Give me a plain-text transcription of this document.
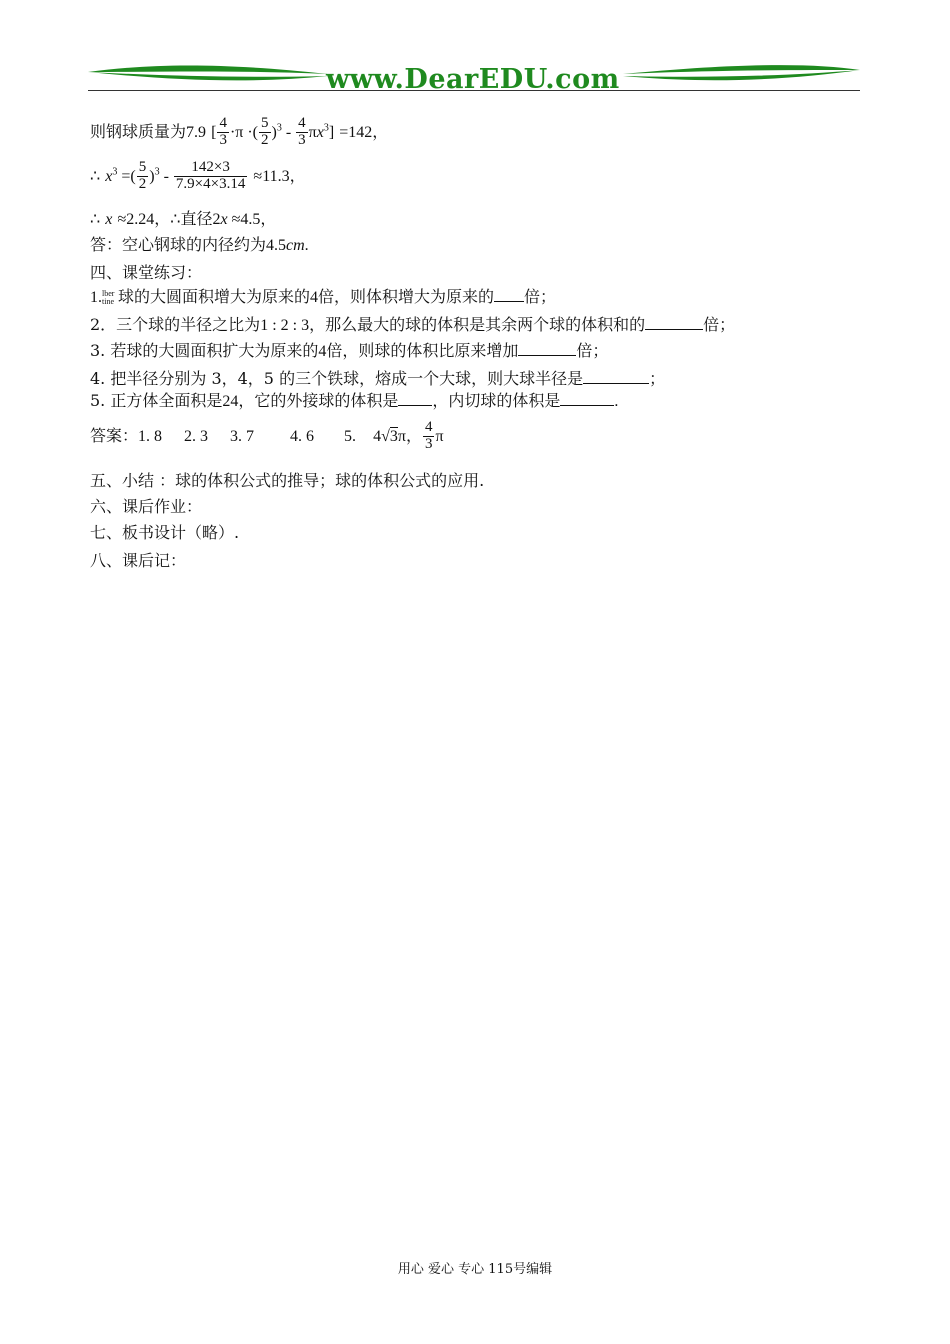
www.DearEDU.com
则钢球质量为7.9 [ $\frac{4}{3} \cdot\pi$ ·( $\frac{5}{2} )^3 - \frac{4}{3} \pi x^3] =142$，
∴ $x^3$ =( $\frac{5}{2} )^3 - \frac{142\times 3}{7.9\times 4\times 3.14} \approx 11.3$，
∴ x ≈2.24，∴直径2x ≈4.5，
答：空心钢球的内径约为4.5cm.
四、课堂练习：
1. lber
tine 球的大圆面积增大为原来的4倍，则体积增大为原来的 倍；
2．三个球的半径之比为1 : 2 : 3，那么最大的球的体积是其余两个球的体积和的	倍；
3. 若球的大圆面积扩大为原来的4倍，则球的体积比原来增加	倍；
4. 把半径分别为 3，4，5 的三个铁球，熔成一个大球，则大球半径是	；
5. 正方体全面积是24，它的外接球的体积是 ，内切球的体积是	.
答案：1. 8 2. 3 3. 7 4. 6 5. 4√3π， $\frac{4}{3}$ π
五、小结 ：球的体积公式的推导；球的体积公式的应用.
六、课后作业：
七、板书设计（略）.
八、课后记：
用心 爱心 专心 115号编辑
